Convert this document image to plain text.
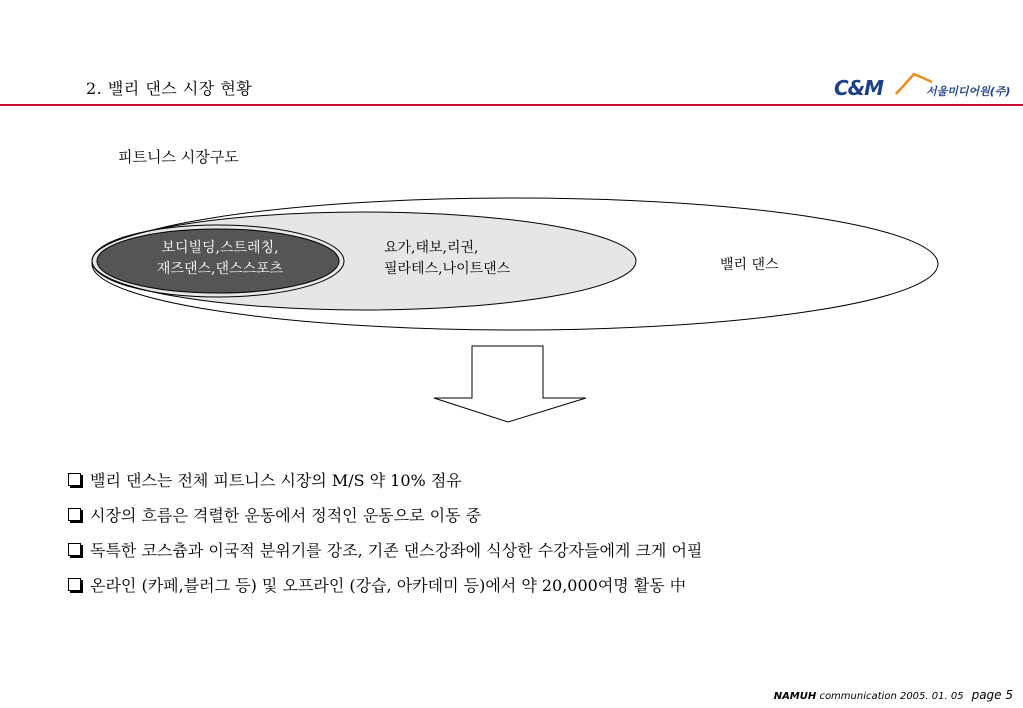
2. 밸리 댄스 시장 현황	C&M	서울미디어원(주)
피트니스 시장구도
보디빌딩,스트레칭,
재즈댄스,댄스스포츠
요가,태보,리권,
필라테스,나이트댄스	밸리 댄스
밸리 댄스는 전체 피트니스 시장의 M/S 약 10% 점유
시장의 흐름은 격렬한 운동에서 정적인 운동으로 이동 중
독특한 코스츔과 이국적 분위기를 강조, 기존 댄스강좌에 식상한 수강자들에게 크게 어필
온라인 (카페,블러그 등) 및 오프라인 (강습, 아카데미 등)에서 약 20,000여명 활동 中
NAMUH communication 2005. 01. 05 page 5
